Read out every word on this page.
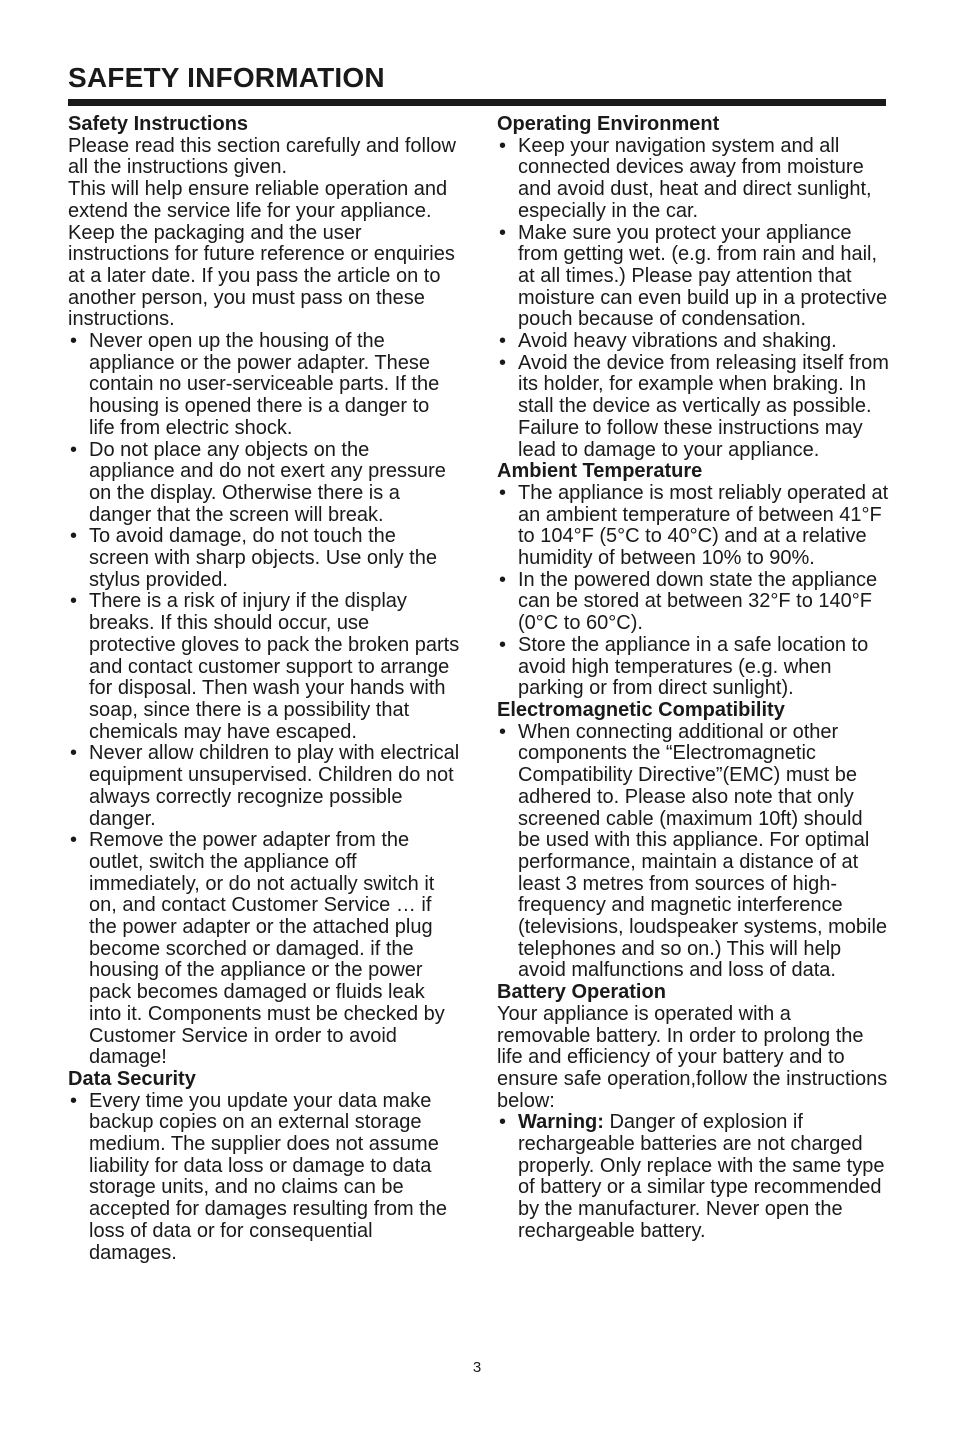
SAFETY INFORMATION
Safety Instructions

Please read this section carefully and follow all the instructions given.

This will help ensure reliable operation and extend the service life for your appliance.

Keep the packaging and the user instructions for future reference or enquiries at a later date. If you pass the article on to another person, you must pass on these instructions.

• Never open up the housing of the appliance or the power adapter. These contain no user-serviceable parts. If the housing is opened there is a danger to life from electric shock.
• Do not place any objects on the appliance and do not exert any pressure on the display. Otherwise there is a danger that the screen will break.
• To avoid damage, do not touch the screen with sharp objects. Use only the stylus provided.
• There is a risk of injury if the display breaks. If this should occur, use protective gloves to pack the broken parts and contact customer support to arrange for disposal. Then wash your hands with soap, since there is a possibility that chemicals may have escaped.
• Never allow children to play with electrical equipment unsupervised. Children do not always correctly recognize possible danger.
• Remove the power adapter from the outlet, switch the appliance off immediately, or do not actually switch it on, and contact Customer Service … if the power adapter or the attached plug become scorched or damaged. if the housing of the appliance or the power pack becomes damaged or fluids leak into it. Components must be checked by Customer Service in order to avoid damage!
Data Security
• Every time you update your data make backup copies on an external storage medium. The supplier does not assume liability for data loss or damage to data storage units, and no claims can be accepted for damages resulting from the loss of data or for consequential damages.
Operating Environment
• Keep your navigation system and all connected devices away from moisture and avoid dust, heat and direct sunlight, especially in the car.
• Make sure you protect your appliance from getting wet. (e.g. from rain and hail, at all times.) Please pay attention that moisture can even build up in a protective pouch because of condensation.
• Avoid heavy vibrations and shaking.
• Avoid the device from releasing itself from its holder, for example when braking. In stall the device as vertically as possible.
Failure to follow these instructions may lead to damage to your appliance.
Ambient Temperature
• The appliance is most reliably operated at an ambient temperature of between 41°F to 104°F (5°C to 40°C) and at a relative humidity of between 10% to 90%.
• In the powered down state the appliance can be stored at between 32°F to 140°F (0°C to 60°C).
• Store the appliance in a safe location to avoid high temperatures (e.g. when parking or from direct sunlight).
Electromagnetic Compatibility
• When connecting additional or other components the “Electromagnetic Compatibility Directive”(EMC) must be adhered to. Please also note that only screened cable (maximum 10ft) should be used with this appliance. For optimal performance, maintain a distance of at least 3 metres from sources of high-frequency and magnetic interference (televisions, loudspeaker systems, mobile telephones and so on.) This will help avoid malfunctions and loss of data.
Battery Operation

Your appliance is operated with a removable battery. In order to prolong the life and efficiency of your battery and to ensure safe operation,follow the instructions below:

• Warning: Danger of explosion if rechargeable batteries are not charged properly. Only replace with the same type of battery or a similar type recommended by the manufacturer. Never open the rechargeable battery.
3
